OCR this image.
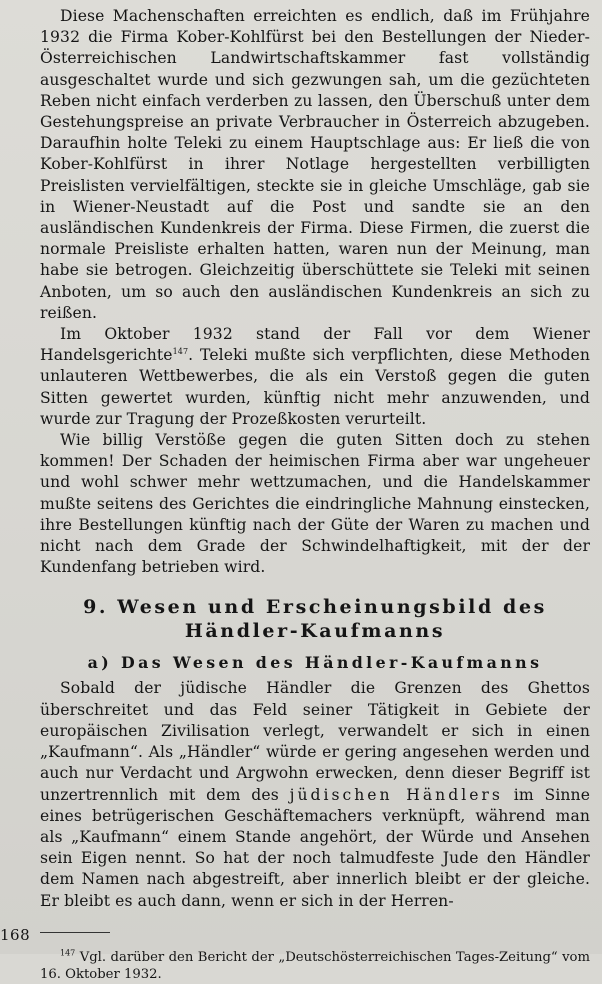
Diese Machenschaften erreichten es endlich, daß im Frühjahre 1932 die Firma Kober-Kohlfürst bei den Bestellungen der Nieder-Österreichischen Landwirtschaftskammer fast vollständig ausgeschaltet wurde und sich gezwungen sah, um die gezüchteten Reben nicht einfach verderben zu lassen, den Überschuß unter dem Gestehungspreise an private Verbraucher in Österreich abzugeben. Daraufhin holte Teleki zu einem Hauptschlage aus: Er ließ die von Kober-Kohlfürst in ihrer Notlage hergestellten verbilligten Preislisten vervielfältigen, steckte sie in gleiche Umschläge, gab sie in Wiener-Neustadt auf die Post und sandte sie an den ausländischen Kundenkreis der Firma. Diese Firmen, die zuerst die normale Preisliste erhalten hatten, waren nun der Meinung, man habe sie betrogen. Gleichzeitig überschüttete sie Teleki mit seinen Anboten, um so auch den ausländischen Kundenkreis an sich zu reißen.

Im Oktober 1932 stand der Fall vor dem Wiener Handelsgerichte$^{147}$. Teleki mußte sich verpflichten, diese Methoden unlauteren Wettbewerbes, die als ein Verstoß gegen die guten Sitten gewertet wurden, künftig nicht mehr anzuwenden, und wurde zur Tragung der Prozeßkosten verurteilt.

Wie billig Verstöße gegen die guten Sitten doch zu stehen kommen! Der Schaden der heimischen Firma aber war ungeheuer und wohl schwer mehr wettzumachen, und die Handelskammer mußte seitens des Gerichtes die eindringliche Mahnung einstecken, ihre Bestellungen künftig nach der Güte der Waren zu machen und nicht nach dem Grade der Schwindelhaftigkeit, mit der der Kundenfang betrieben wird.

9. Wesen und Erscheinungsbild des Händler-Kaufmanns
a) Das Wesen des Händler-Kaufmanns

Sobald der jüdische Händler die Grenzen des Ghettos überschreitet und das Feld seiner Tätigkeit in Gebiete der europäischen Zivilisation verlegt, verwandelt er sich in einen „Kaufmann“. Als „Händler“ würde er gering angesehen werden und auch nur Verdacht und Argwohn erwecken, denn dieser Begriff ist unzertrennlich mit dem des jüdischen Händlers im Sinne eines betrügerischen Geschäftemachers verknüpft, während man als „Kaufmann“ einem Stande angehört, der Würde und Ansehen sein Eigen nennt. So hat der noch talmudfeste Jude den Händler dem Namen nach abgestreift, aber innerlich bleibt er der gleiche. Er bleibt es auch dann, wenn er sich in der Herren-

$^{147}$ Vgl. darüber den Bericht der „Deutschösterreichischen Tages-Zeitung“ vom 16. Oktober 1932.

168
